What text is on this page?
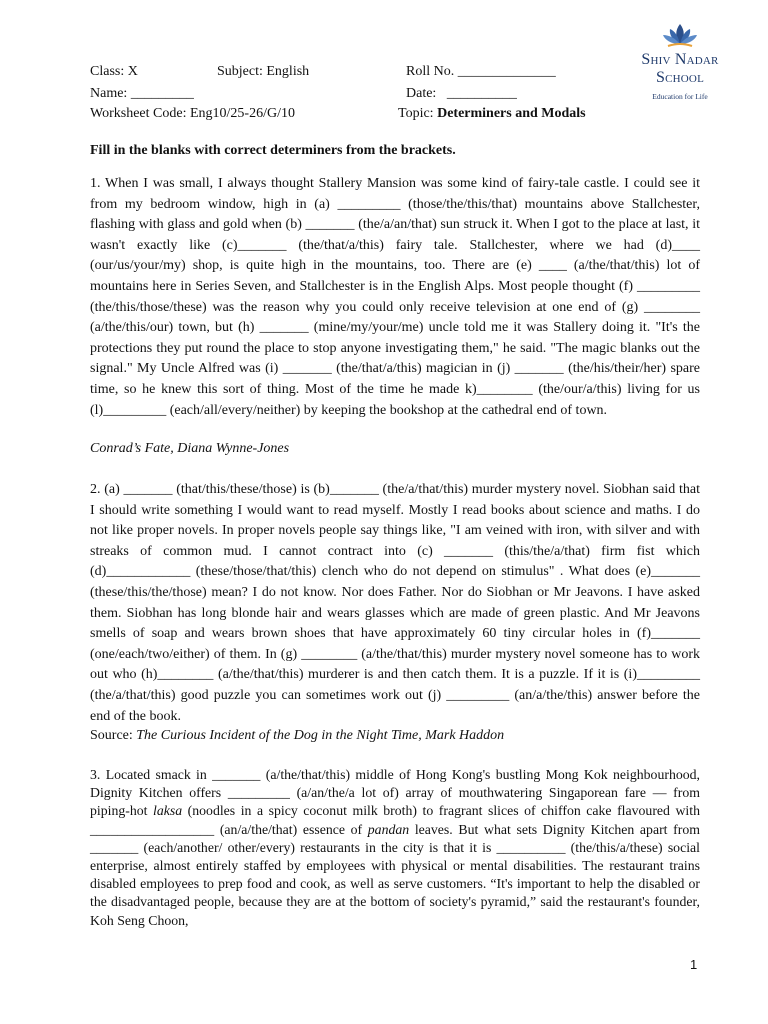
Class: X	Subject: English	Roll No. ______________
Name: _________	Date:   __________
Worksheet Code: Eng10/25-26/G/10	Topic: Determiners and Modals
Shiv Nadar School
Education for Life
Fill in the blanks with correct determiners from the brackets.
1. When I was small, I always thought Stallery Mansion was some kind of fairy-tale castle. I could see it from my bedroom window, high in (a) _________ (those/the/this/that) mountains above Stallchester, flashing with glass and gold when (b) _______ (the/a/an/that) sun struck it. When I got to the place at last, it wasn't exactly like (c)_______ (the/that/a/this) fairy tale. Stallchester, where we had (d)____ (our/us/your/my) shop, is quite high in the mountains, too. There are (e) ____ (a/the/that/this) lot of mountains here in Series Seven, and Stallchester is in the English Alps. Most people thought (f) _________ (the/this/those/these) was the reason why you could only receive television at one end of (g) ________ (a/the/this/our) town, but (h) _______ (mine/my/your/me) uncle told me it was Stallery doing it. "It's the protections they put round the place to stop anyone investigating them," he said. "The magic blanks out the signal." My Uncle Alfred was (i) _______ (the/that/a/this) magician in (j) _______ (the/his/their/her) spare time, so he knew this sort of thing. Most of the time he made k)________ (the/our/a/this) living for us (l)_________ (each/all/every/neither) by keeping the bookshop at the cathedral end of town.
Conrad’s Fate, Diana Wynne-Jones
2. (a) _______ (that/this/these/those) is (b)_______ (the/a/that/this) murder mystery novel. Siobhan said that I should write something I would want to read myself. Mostly I read books about science and maths. I do not like proper novels. In proper novels people say things like, "I am veined with iron, with silver and with streaks of common mud. I cannot contract into (c) _______ (this/the/a/that) firm fist which (d)____________ (these/those/that/this) clench who do not depend on stimulus" . What does (e)_______ (these/this/the/those) mean? I do not know. Nor does Father. Nor do Siobhan or Mr Jeavons. I have asked them. Siobhan has long blonde hair and wears glasses which are made of green plastic. And Mr Jeavons smells of soap and wears brown shoes that have approximately 60 tiny circular holes in (f)_______ (one/each/two/either) of them. In (g) ________ (a/the/that/this) murder mystery novel someone has to work out who (h)________ (a/the/that/this) murderer is and then catch them. It is a puzzle. If it is (i)_________ (the/a/that/this) good puzzle you can sometimes work out (j) _________ (an/a/the/this) answer before the end of the book.
Source: The Curious Incident of the Dog in the Night Time, Mark Haddon
3. Located smack in _______ (a/the/that/this) middle of Hong Kong's bustling Mong Kok neighbourhood, Dignity Kitchen offers _________ (a/an/the/a lot of) array of mouthwatering Singaporean fare — from piping-hot laksa (noodles in a spicy coconut milk broth) to fragrant slices of chiffon cake flavoured with __________________ (an/a/the/that) essence of pandan leaves. But what sets Dignity Kitchen apart from _______ (each/another/ other/every) restaurants in the city is that it is __________ (the/this/a/these) social enterprise, almost entirely staffed by employees with physical or mental disabilities. The restaurant trains disabled employees to prep food and cook, as well as serve customers. “It's important to help the disabled or the disadvantaged people, because they are at the bottom of society's pyramid,” said the restaurant's founder, Koh Seng Choon,
1
